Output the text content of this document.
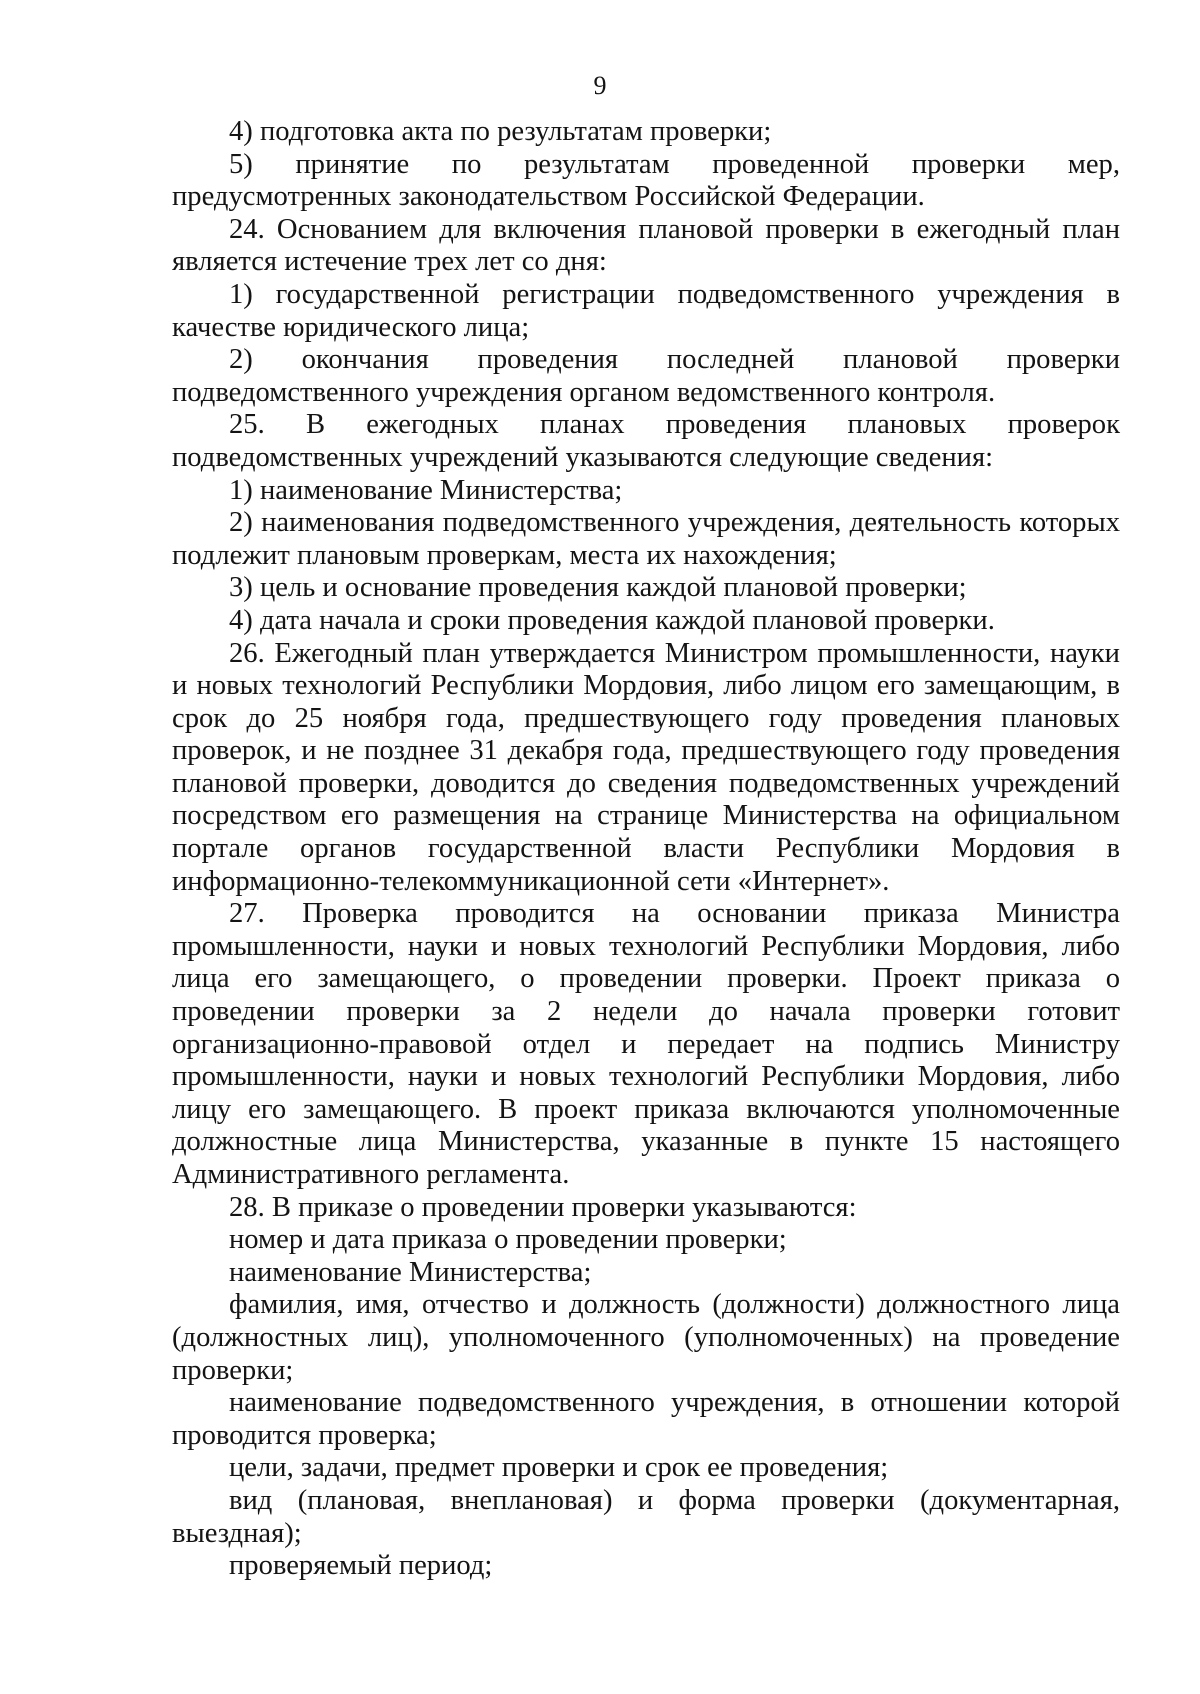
9

4) подготовка акта по результатам проверки;

5) принятие по результатам проведенной проверки мер, предусмотренных законодательством Российской Федерации.

24. Основанием для включения плановой проверки в ежегодный план является истечение трех лет со дня:

1) государственной регистрации подведомственного учреждения в качестве юридического лица;

2) окончания проведения последней плановой проверки подведомственного учреждения органом ведомственного контроля.

25. В ежегодных планах проведения плановых проверок подведомственных учреждений указываются следующие сведения:

1) наименование Министерства;

2) наименования подведомственного учреждения, деятельность которых подлежит плановым проверкам, места их нахождения;

3) цель и основание проведения каждой плановой проверки;

4) дата начала и сроки проведения каждой плановой проверки.

26. Ежегодный план утверждается Министром промышленности, науки и новых технологий Республики Мордовия, либо лицом его замещающим, в срок до 25 ноября года, предшествующего году проведения плановых проверок, и не позднее 31 декабря года, предшествующего году проведения плановой проверки, доводится до сведения подведомственных учреждений посредством его размещения на странице Министерства на официальном портале органов государственной власти Республики Мордовия в информационно-телекоммуникационной сети «Интернет».

27. Проверка проводится на основании приказа Министра промышленности, науки и новых технологий Республики Мордовия, либо лица его замещающего, о проведении проверки. Проект приказа о проведении проверки за 2 недели до начала проверки готовит организационно-правовой отдел и передает на подпись Министру промышленности, науки и новых технологий Республики Мордовия, либо лицу его замещающего. В проект приказа включаются уполномоченные должностные лица Министерства, указанные в пункте 15 настоящего Административного регламента.

28. В приказе о проведении проверки указываются:

номер и дата приказа о проведении проверки;

наименование Министерства;

фамилия, имя, отчество и должность (должности) должностного лица (должностных лиц), уполномоченного (уполномоченных) на проведение проверки;

наименование подведомственного учреждения, в отношении которой проводится проверка;

цели, задачи, предмет проверки и срок ее проведения;

вид (плановая, внеплановая) и форма проверки (документарная, выездная);

проверяемый период;
